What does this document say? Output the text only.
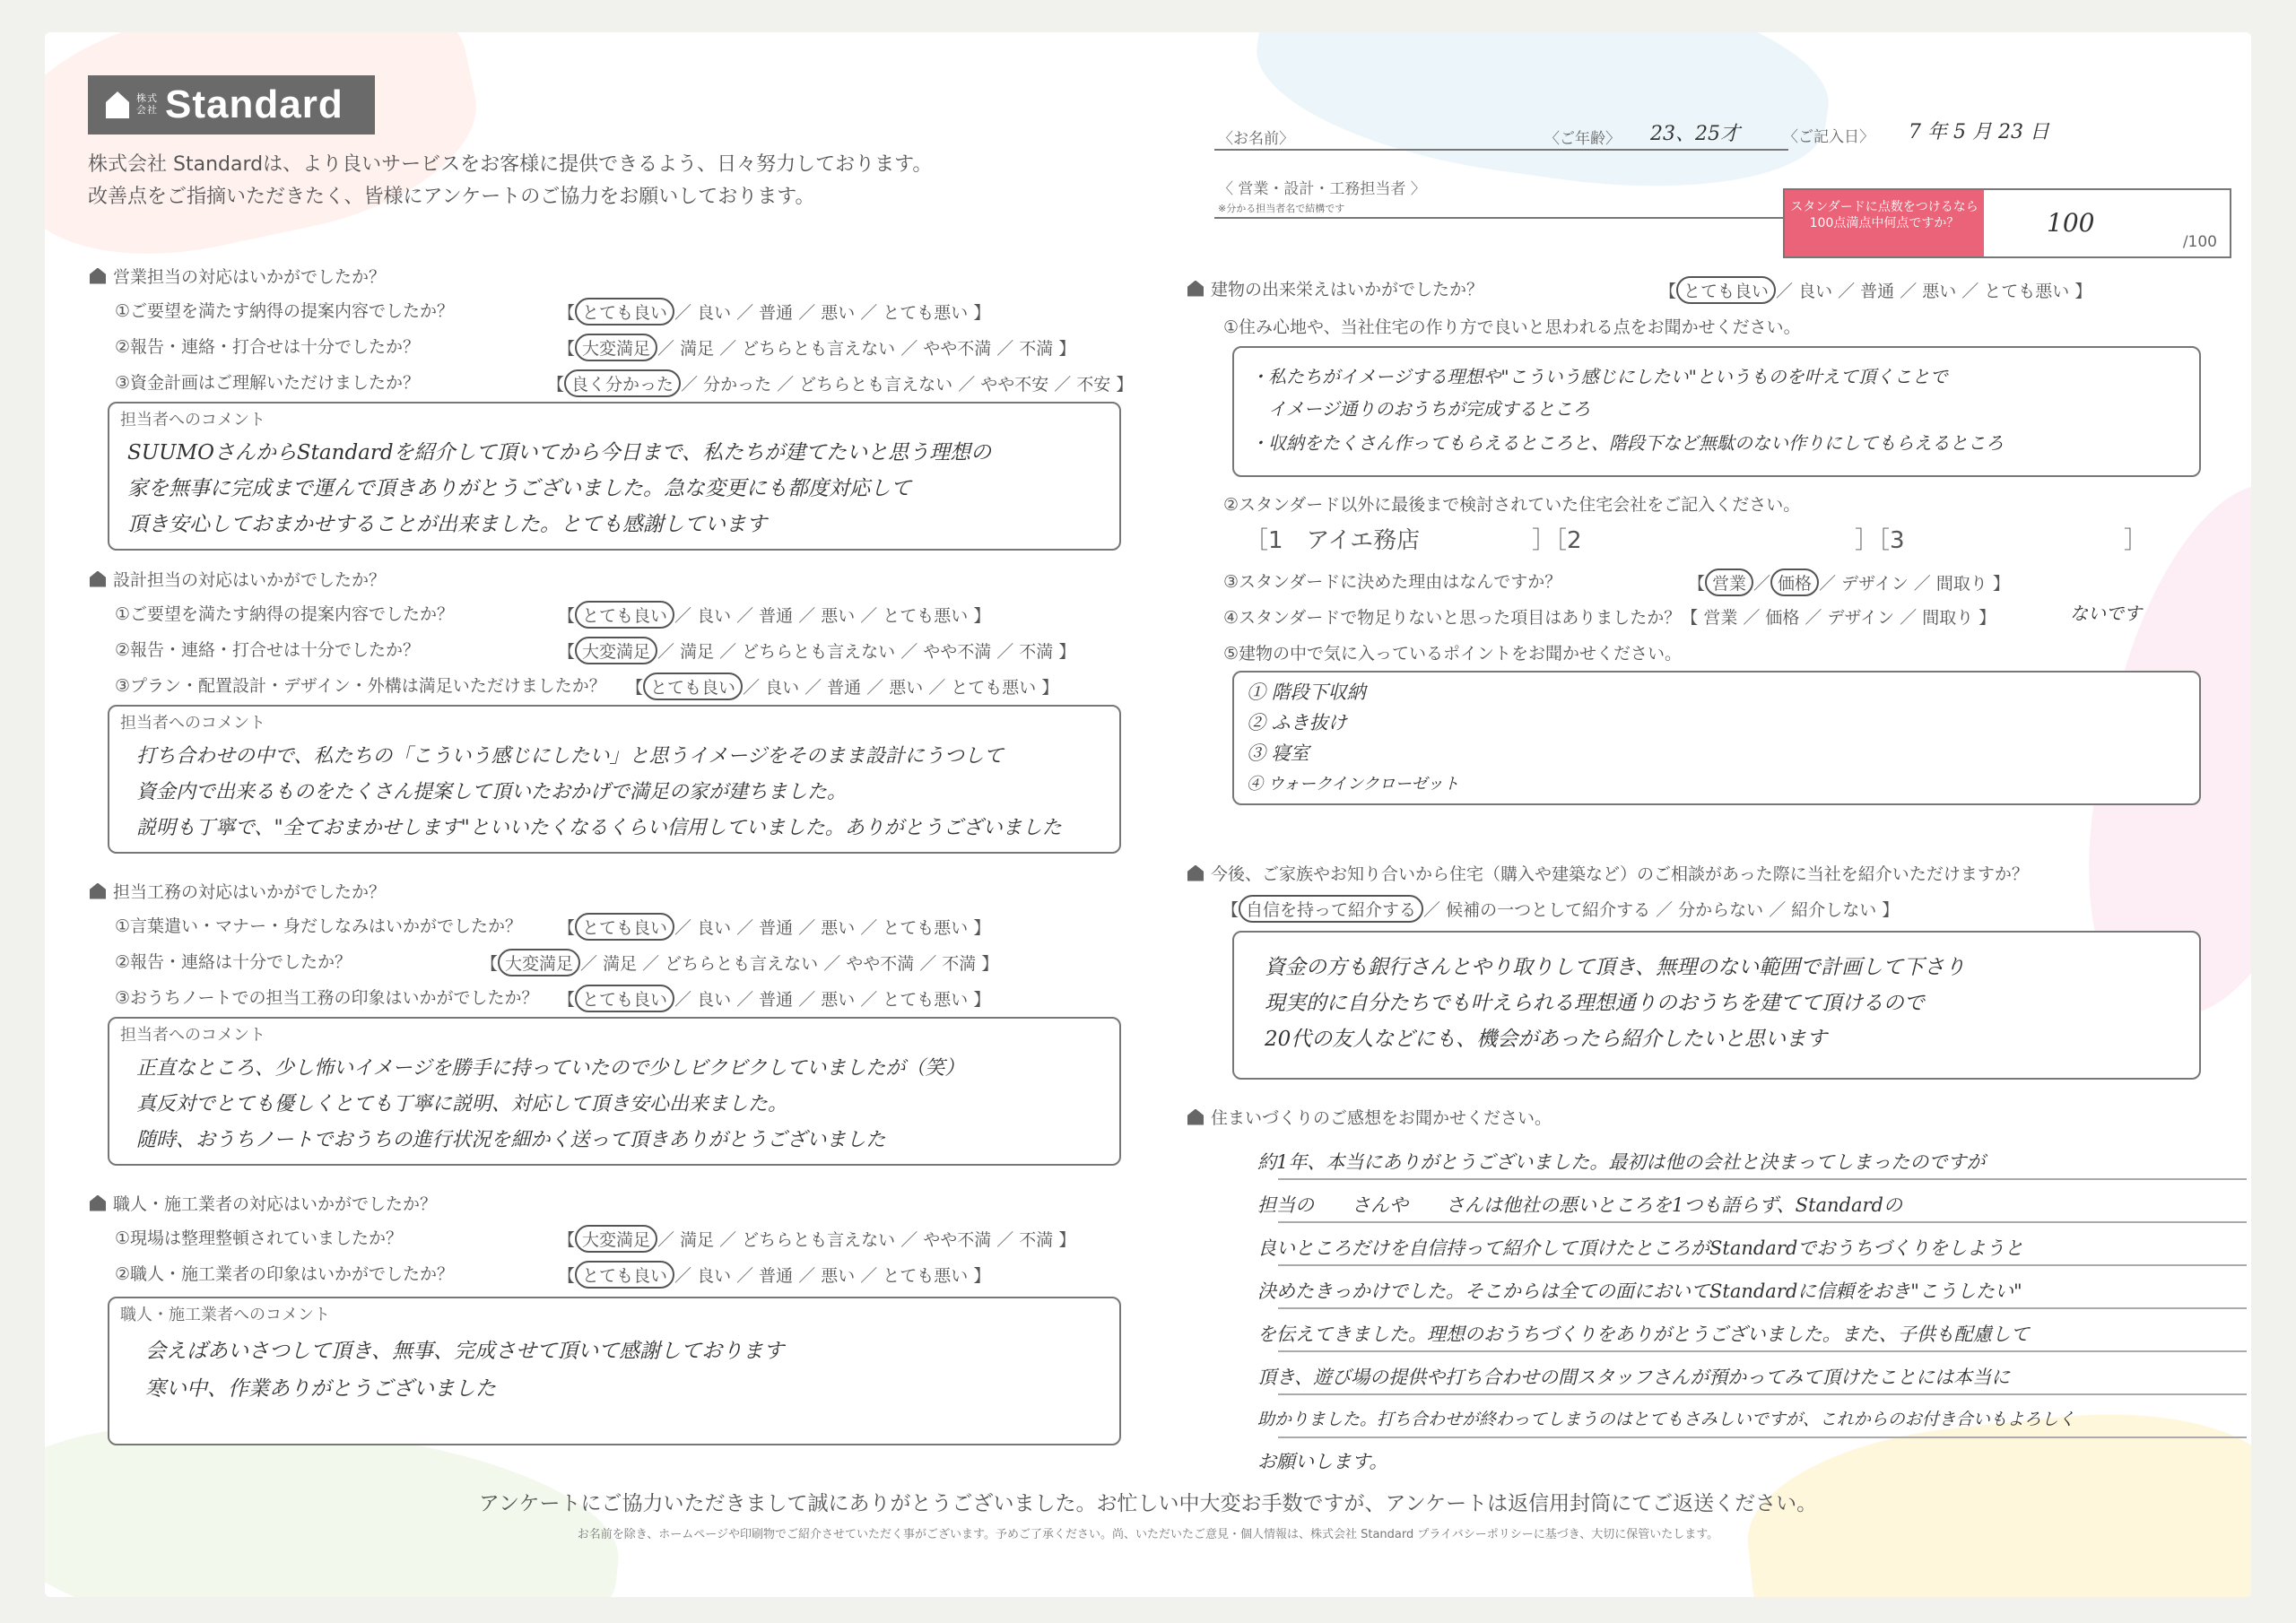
株式会社 Standard
株式会社 Standardは、より良いサービスをお客様に提供できるよう、日々努力しております。
改善点をご指摘いただきたく、皆様にアンケートのご協力をお願いしております。
〈お名前〉	〈ご年齢〉 23、25才	〈ご記入日〉 7 年 5 月 23 日
〈 営業・設計・工務担当者 〉
※分かる担当者名で結構です	スタンダードに点数をつけるなら100点満点中何点ですか？	100
/100
営業担当の対応はいかがでしたか？
①ご要望を満たす納得の提案内容でしたか？	【 とても良い ／ 良い ／ 普通 ／ 悪い ／ とても悪い 】
②報告・連絡・打合せは十分でしたか？	【 大変満足 ／ 満足 ／ どちらとも言えない ／ やや不満 ／ 不満 】
③資金計画はご理解いただけましたか？	【 良く分かった ／ 分かった ／ どちらとも言えない ／ やや不安 ／ 不安 】
担当者へのコメント
SUUMOさんからStandardを紹介して頂いてから今日まで、私たちが建てたいと思う理想の
家を無事に完成まで運んで頂きありがとうございました。急な変更にも都度対応して
頂き安心しておまかせすることが出来ました。とても感謝しています
設計担当の対応はいかがでしたか？
①ご要望を満たす納得の提案内容でしたか？	【 とても良い ／ 良い ／ 普通 ／ 悪い ／ とても悪い 】
②報告・連絡・打合せは十分でしたか？	【 大変満足 ／ 満足 ／ どちらとも言えない ／ やや不満 ／ 不満 】
③プラン・配置設計・デザイン・外構は満足いただけましたか？ 【 とても良い ／ 良い ／ 普通 ／ 悪い ／ とても悪い 】
担当者へのコメント
打ち合わせの中で、私たちの「こういう感じにしたい」と思うイメージをそのまま設計にうつして
資金内で出来るものをたくさん提案して頂いたおかげで満足の家が建ちました。
説明も丁寧で、"全ておまかせします"といいたくなるくらい信用していました。ありがとうございました
担当工務の対応はいかがでしたか？
①言葉遣い・マナー・身だしなみはいかがでしたか？ 【 とても良い ／ 良い ／ 普通 ／ 悪い ／ とても悪い 】
②報告・連絡は十分でしたか？	【 大変満足 ／ 満足 ／ どちらとも言えない ／ やや不満 ／ 不満 】
③おうちノートでの担当工務の印象はいかがでしたか？ 【 とても良い ／ 良い ／ 普通 ／ 悪い ／ とても悪い 】
担当者へのコメント
正直なところ、少し怖いイメージを勝手に持っていたので少しビクビクしていましたが（笑）
真反対でとても優しくとても丁寧に説明、対応して頂き安心出来ました。
随時、おうちノートでおうちの進行状況を細かく送って頂きありがとうございました
職人・施工業者の対応はいかがでしたか？
①現場は整理整頓されていましたか？	【 大変満足 ／ 満足 ／ どちらとも言えない ／ やや不満 ／ 不満 】
②職人・施工業者の印象はいかがでしたか？	【 とても良い ／ 良い ／ 普通 ／ 悪い ／ とても悪い 】
職人・施工業者へのコメント
会えばあいさつして頂き、無事、完成させて頂いて感謝しております
寒い中、作業ありがとうございました
建物の出来栄えはいかがでしたか？	【 とても良い ／ 良い ／ 普通 ／ 悪い ／ とても悪い 】
①住み心地や、当社住宅の作り方で良いと思われる点をお聞かせください。
・私たちがイメージする理想や"こういう感じにしたい"というものを叶えて頂くことで
　イメージ通りのおうちが完成するところ
・収納をたくさん作ってもらえるところと、階段下など無駄のない作りにしてもらえるところ
②スタンダード以外に最後まで検討されていた住宅会社をご記入ください。
［1　アイエ務店	］［2	］［3	］
③スタンダードに決めた理由はなんですか？	【 営業 ／ 価格 ／ デザイン ／ 間取り 】
④スタンダードで物足りないと思った項目はありましたか？【 営業 ／ 価格 ／ デザイン ／ 間取り 】	ないです
⑤建物の中で気に入っているポイントをお聞かせください。
① 階段下収納
② ふき抜け
③ 寝室
④ ウォークインクローゼット
今後、ご家族やお知り合いから住宅（購入や建築など）のご相談があった際に当社を紹介いただけますか？
【 自信を持って紹介する ／ 候補の一つとして紹介する ／ 分からない ／ 紹介しない 】
資金の方も銀行さんとやり取りして頂き、無理のない範囲で計画して下さり
現実的に自分たちでも叶えられる理想通りのおうちを建てて頂けるので
20代の友人などにも、機会があったら紹介したいと思います
住まいづくりのご感想をお聞かせください。
約1年、本当にありがとうございました。最初は他の会社と決まってしまったのですが
担当の　　さんや　　さんは他社の悪いところを1つも語らず、Standardの
良いところだけを自信持って紹介して頂けたところがStandardでおうちづくりをしようと
決めたきっかけでした。そこからは全ての面においてStandardに信頼をおき"こうしたい"
を伝えてきました。理想のおうちづくりをありがとうございました。また、子供も配慮して
頂き、遊び場の提供や打ち合わせの間スタッフさんが預かってみて頂けたことには本当に
助かりました。打ち合わせが終わってしまうのはとてもさみしいですが、これからのお付き合いもよろしく
お願いします。
アンケートにご協力いただきまして誠にありがとうございました。お忙しい中大変お手数ですが、アンケートは返信用封筒にてご返送ください。
お名前を除き、ホームページや印刷物でご紹介させていただく事がございます。予めご了承ください。尚、いただいたご意見・個人情報は、株式会社 Standard プライバシーポリシーに基づき、大切に保管いたします。
